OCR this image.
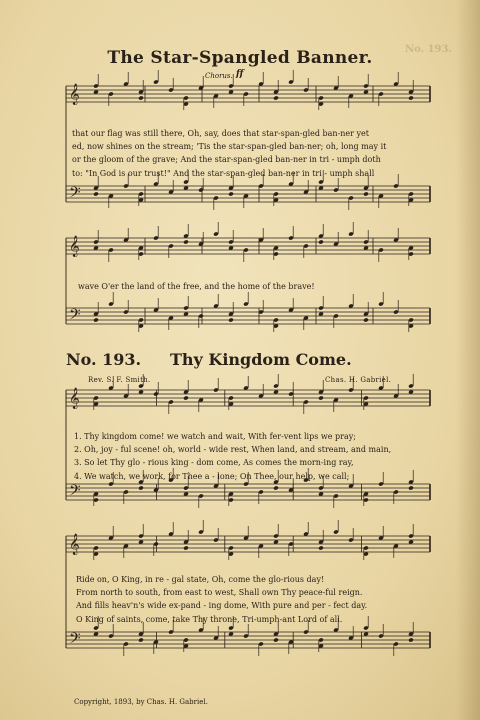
𝄞
𝄢
𝄞
𝄢
𝄞
𝄢
𝄞
𝄢
No. 193.
The Star-Spangled Banner.
Chorus. ff
that our flag was still there, Oh, say, does that star-span-gled ban-ner yet
ed, now shines on the stream; 'Tis the star-span-gled ban-ner; oh, long may it
or the gloom of the grave; And the star-span-gled ban-ner in tri - umph doth
to: "In God is our trust!" And the star-span-gled ban-ner in tri - umph shall
wave O'er the land of the free, and the home of the brave!
No. 193. Thy Kingdom Come.
Rev. S. F. Smith.	Chas. H. Gabriel.
1. Thy kingdom come! we watch and wait, With fer-vent lips we pray;
2. Oh, joy - ful scene! oh, world - wide rest, When land, and stream, and main,
3. So let Thy glo - rious king - dom come, As comes the morn-ing ray,
4. We watch, we work, for Thee a - lone; On Thee, our help, we call;
Ride on, O King, in re - gal state, Oh, come the glo-rious day!
From north to south, from east to west, Shall own Thy peace-ful reign.
And fills heav'n's wide ex-pand - ing dome, With pure and per - fect day.
O King of saints, come, take Thy throne, Tri-umph-ant Lord of all.
Copyright, 1893, by Chas. H. Gabriel.
